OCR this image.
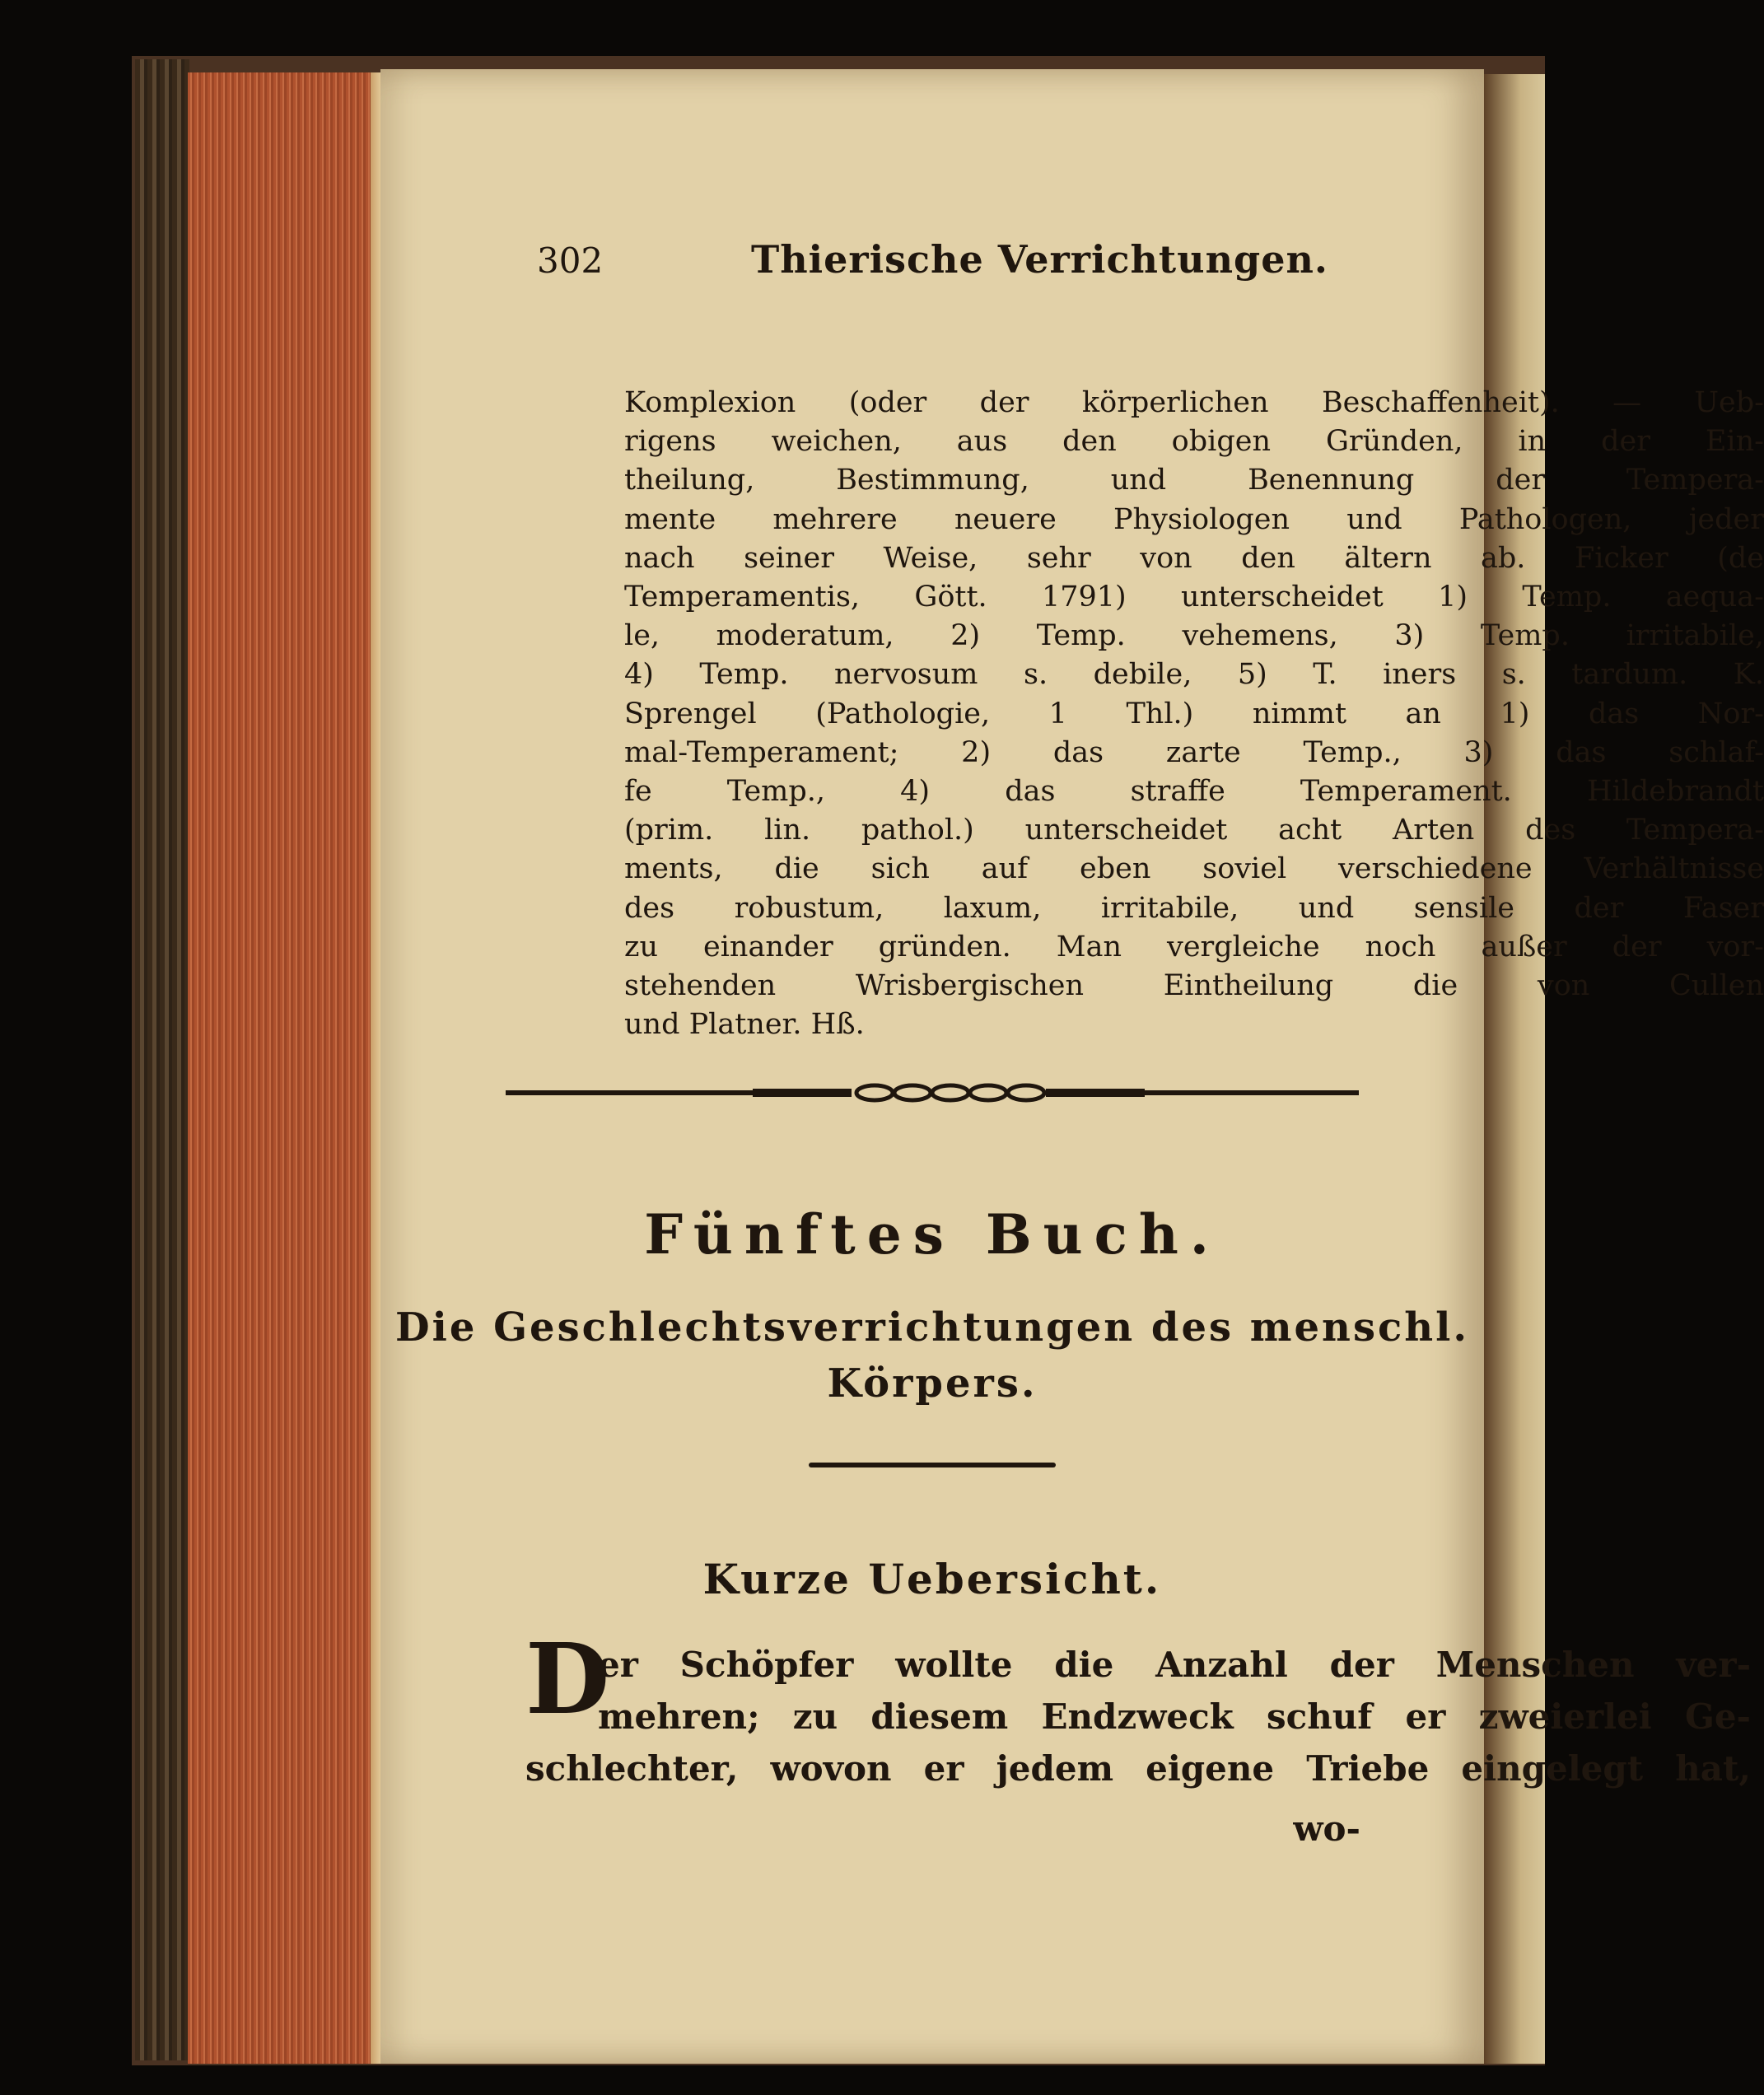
302	Thierische Verrichtungen.
Komplexion (oder der körperlichen Beschaffenheit). — Ueb-
rigens weichen, aus den obigen Gründen, in der Ein-
theilung, Bestimmung, und Benennung der Tempera-
mente mehrere neuere Physiologen und Pathologen, jeder
nach seiner Weise, sehr von den ältern ab. Ficker (de
Temperamentis, Gött. 1791) unterscheidet 1) Temp. aequa-
le, moderatum, 2) Temp. vehemens, 3) Temp. irritabile,
4) Temp. nervosum s. debile, 5) T. iners s. tardum. K.
Sprengel (Pathologie, 1 Thl.) nimmt an 1) das Nor-
mal-Temperament; 2) das zarte Temp., 3) das schlaf-
fe Temp., 4) das straffe Temperament. Hildebrandt
(prim. lin. pathol.) unterscheidet acht Arten des Tempera-
ments, die sich auf eben soviel verschiedene Verhältnisse
des robustum, laxum, irritabile, und sensile der Faser
zu einander gründen. Man vergleiche noch außer der vor-
stehenden Wrisbergischen Eintheilung die von Cullen
und Platner. Hß.
Fünftes Buch.
Die Geschlechtsverrichtungen des menschl.
Körpers.
Kurze Uebersicht.
D
er Schöpfer wollte die Anzahl der Menschen ver-
mehren; zu diesem Endzweck schuf er zweierlei Ge-
schlechter, wovon er jedem eigene Triebe eingelegt hat,
wo-
